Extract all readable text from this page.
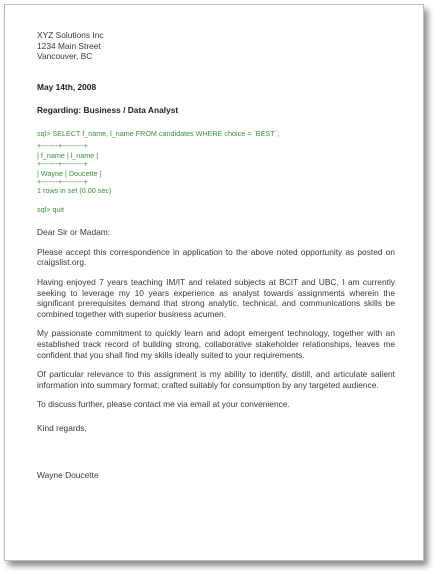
XYZ Solutions Inc
1234 Main Street
Vancouver, BC
May 14th, 2008
Regarding: Business / Data Analyst
sql> SELECT f_name, l_name FROM candidates WHERE choice = `BEST`;
+-------+---------+
| f_name | l_name |
+-------+---------+
| Wayne | Doucette |
+-------+---------+
1 rows in set (0.00 sec)
sql> quit
Dear Sir or Madam:

Please accept this correspondence in application to the above noted opportunity as posted on craigslist.org.

Having enjoyed 7 years teaching IM/IT and related subjects at BCIT and UBC, I am currently seeking to leverage my 10 years experience as analyst towards assignments wherein the significant prerequisites demand that strong analytic, technical, and communications skills be combined together with superior business acumen.

My passionate commitment to quickly learn and adopt emergent technology, together with an established track record of building strong, collaborative stakeholder relationships, leaves me confident that you shall find my skills ideally suited to your requirements.

Of particular relevance to this assignment is my ability to identify, distill, and articulate salient information into summary format; crafted suitably for consumption by any targeted audience.

To discuss further, please contact me via email at your convenience.

Kind regards,
Wayne Doucette
